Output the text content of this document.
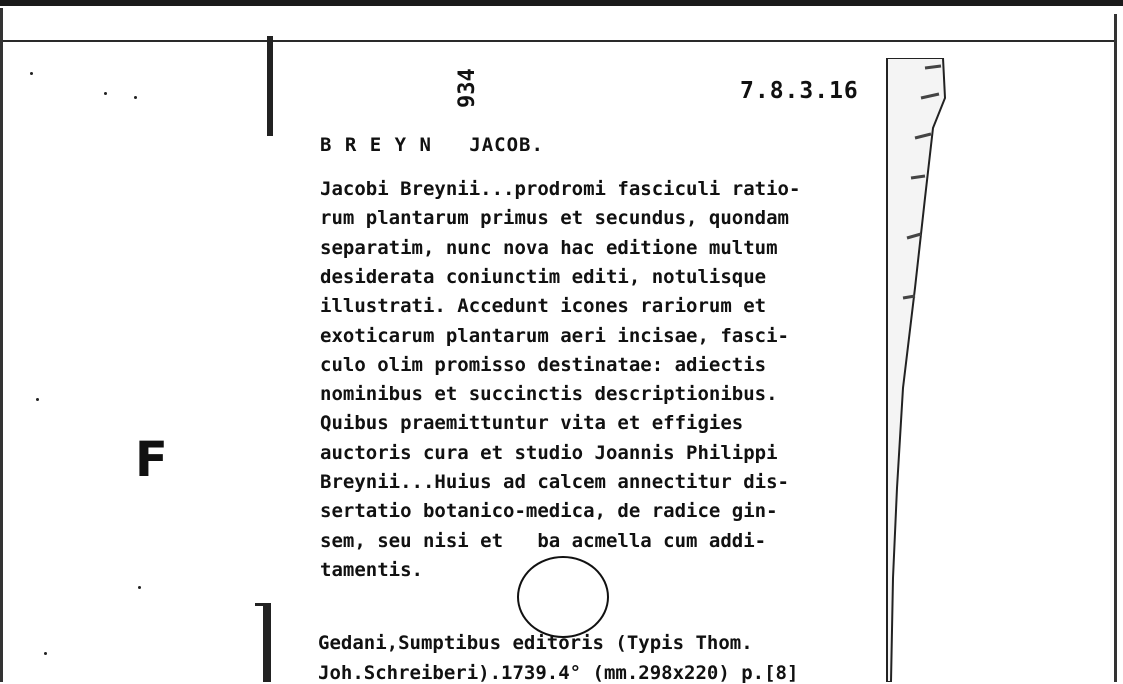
F
934	7.8.3.16
B R E Y N   JACOB.
Jacobi Breynii...prodromi fasciculi ratio-
rum plantarum primus et secundus, quondam
separatim, nunc nova hac editione multum
desiderata coniunctim editi, notulisque
illustrati. Accedunt icones rariorum et
exoticarum plantarum aeri incisae, fasci-
culo olim promisso destinatae: adiectis
nominibus et succinctis descriptionibus.
Quibus praemittuntur vita et effigies
auctoris cura et studio Joannis Philippi
Breynii...Huius ad calcem annectitur dis-
sertatio botanico-medica, de radice gin-
sem, seu nisi et   ba acmella cum addi-
tamentis.
Gedani,Sumptibus editoris (Typis Thom.
Joh.Schreiberi).1739.4° (mm.298x220) p.[8]
